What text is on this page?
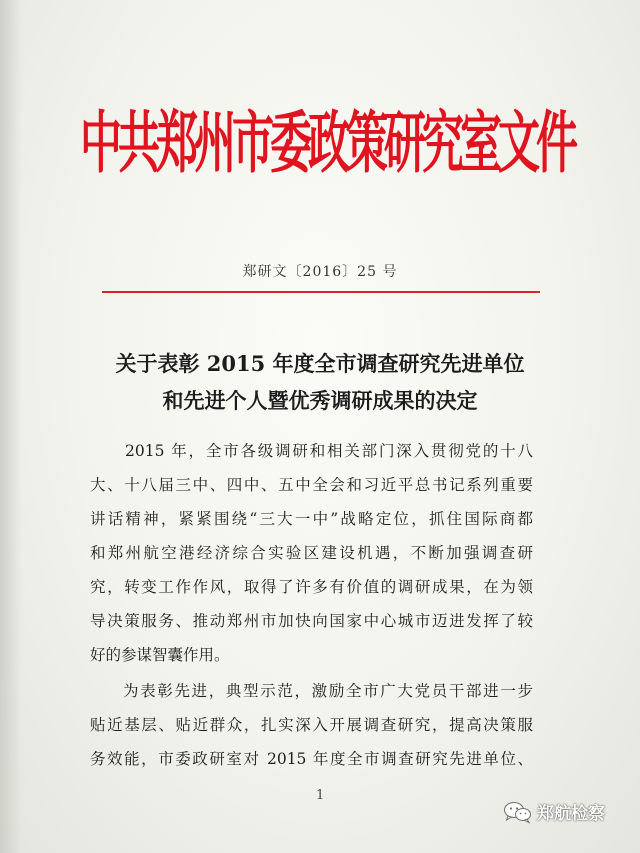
中共郑州市委政策研究室文件
郑研文〔2016〕25 号
关于表彰 2015 年度全市调查研究先进单位
和先进个人暨优秀调研成果的决定
2015 年，全市各级调研和相关部门深入贯彻党的十八
大、十八届三中、四中、五中全会和习近平总书记系列重要
讲话精神，紧紧围绕“三大一中”战略定位，抓住国际商都
和郑州航空港经济综合实验区建设机遇，不断加强调查研
究，转变工作作风，取得了许多有价值的调研成果，在为领
导决策服务、推动郑州市加快向国家中心城市迈进发挥了较
好的参谋智囊作用。
为表彰先进，典型示范，激励全市广大党员干部进一步
贴近基层、贴近群众，扎实深入开展调查研究，提高决策服
务效能，市委政研室对 2015 年度全市调查研究先进单位、
1
郑航检察
